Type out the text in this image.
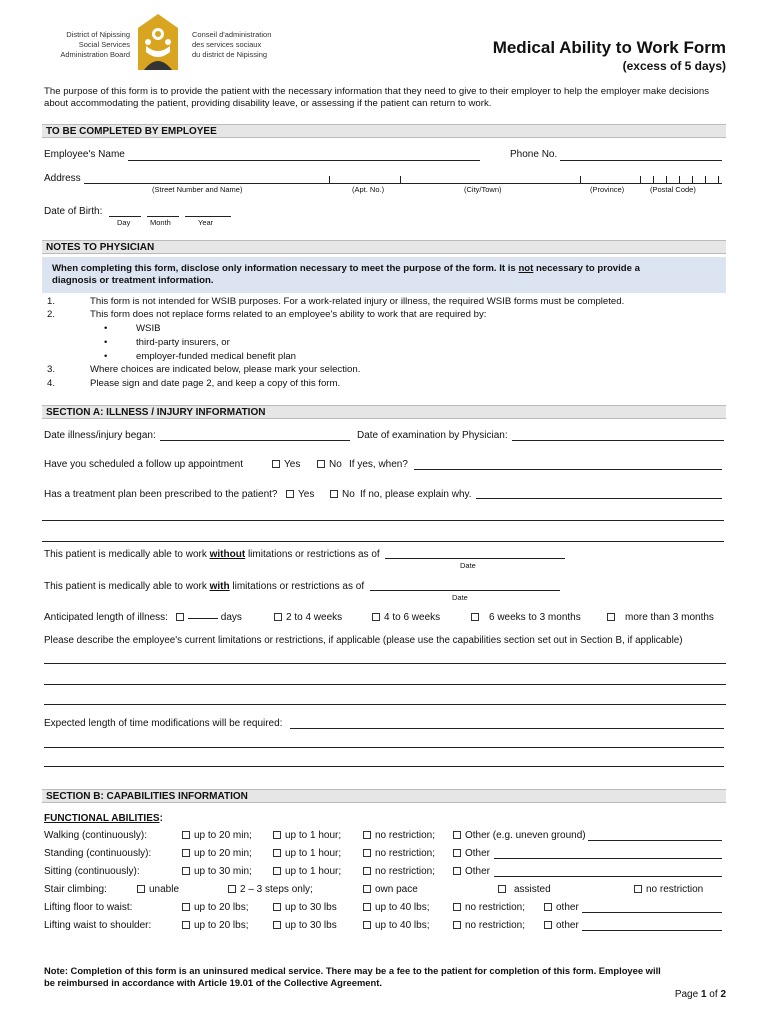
District of Nipissing
Social Services
Administration Board
Conseil d'administration
des services sociaux
du district de Nipissing	Medical Ability to Work Form
(excess of 5 days)
The purpose of this form is to provide the patient with the necessary information that they need to give to their employer to help the employer make decisions about accommodating the patient, providing disability leave, or assessing if the patient can return to work.
TO BE COMPLETED BY EMPLOYEE
Employee's Name	Phone No.
Address
(Street Number and Name)	(Apt. No.)	(City/Town)	(Province)	(Postal Code)
Date of Birth:
Day	Month	Year
NOTES TO PHYSICIAN
When completing this form, disclose only information necessary to meet the purpose of the form. It is not necessary to provide a
diagnosis or treatment information.
1.	This form is not intended for WSIB purposes. For a work-related injury or illness, the required WSIB forms must be completed.
2.	This form does not replace forms related to an employee's ability to work that are required by:
•	WSIB
•	third-party insurers, or
•	employer-funded medical benefit plan
3.	Where choices are indicated below, please mark your selection.
4.	Please sign and date page 2, and keep a copy of this form.
SECTION A: ILLNESS / INJURY INFORMATION
Date illness/injury began:	Date of examination by Physician:
Have you scheduled a follow up appointment	Yes	No If yes, when?
Has a treatment plan been prescribed to the patient?	Yes	No If no, please explain why.
This patient is medically able to work without limitations or restrictions as of
Date
This patient is medically able to work with limitations or restrictions as of
Date
Anticipated length of illness:	days	2 to 4 weeks	4 to 6 weeks	6 weeks to 3 months	more than 3 months
Please describe the employee's current limitations or restrictions, if applicable (please use the capabilities section set out in Section B, if applicable)
Expected length of time modifications will be required:
SECTION B: CAPABILITIES INFORMATION
FUNCTIONAL ABILITIES:
Walking (continuously):	up to 20 min;	up to 1 hour;	no restriction;	Other (e.g. uneven ground)
Standing (continuously):	up to 20 min;	up to 1 hour;	no restriction;	Other
Sitting (continuously):	up to 30 min;	up to 1 hour;	no restriction;	Other
Stair climbing:	unable	2 – 3 steps only;	own pace	assisted	no restriction
Lifting floor to waist:	up to 20 lbs;	up to 30 lbs	up to 40 lbs;	no restriction;	other
Lifting waist to shoulder:	up to 20 lbs;	up to 30 lbs	up to 40 lbs;	no restriction;	other
Note: Completion of this form is an uninsured medical service. There may be a fee to the patient for completion of this form. Employee will
be reimbursed in accordance with Article 19.01 of the Collective Agreement.
Page 1 of 2
